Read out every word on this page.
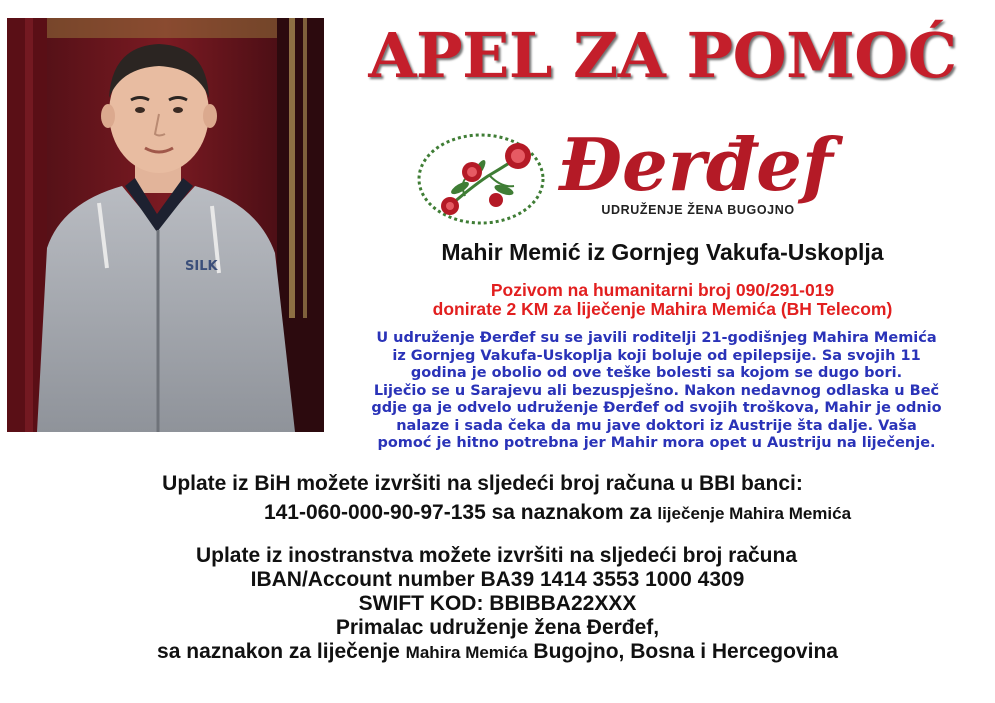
SILK
APEL ZA POMOĆ
Đerđef
UDRUŽENJE ŽENA BUGOJNO
Mahir Memić iz Gornjeg Vakufa-Uskoplja
Pozivom na humanitarni broj 090/291-019
donirate 2 KM za liječenje Mahira Memića (BH Telecom)
U udruženje Đerđef su se javili roditelji 21-godišnjeg Mahira Memića
iz Gornjeg Vakufa-Uskoplja koji boluje od epilepsije. Sa svojih 11
godina je obolio od ove teške bolesti sa kojom se dugo bori.
Liječio se u Sarajevu ali bezuspješno. Nakon nedavnog odlaska u Beč
gdje ga je odvelo udruženje Đerđef od svojih troškova, Mahir je odnio
nalaze i sada čeka da mu jave doktori iz Austrije šta dalje. Vaša
pomoć je hitno potrebna jer Mahir mora opet u Austriju na liječenje.
Uplate iz BiH možete izvršiti na sljedeći broj računa u BBI banci:
141-060-000-90-97-135 sa naznakom za liječenje Mahira Memića
Uplate iz inostranstva možete izvršiti na sljedeći broj računa
IBAN/Account number BA39 1414 3553 1000 4309
SWIFT KOD: BBIBBA22XXX
Primalac udruženje žena Đerđef,
sa naznakon za liječenje Mahira Memića Bugojno, Bosna i Hercegovina
